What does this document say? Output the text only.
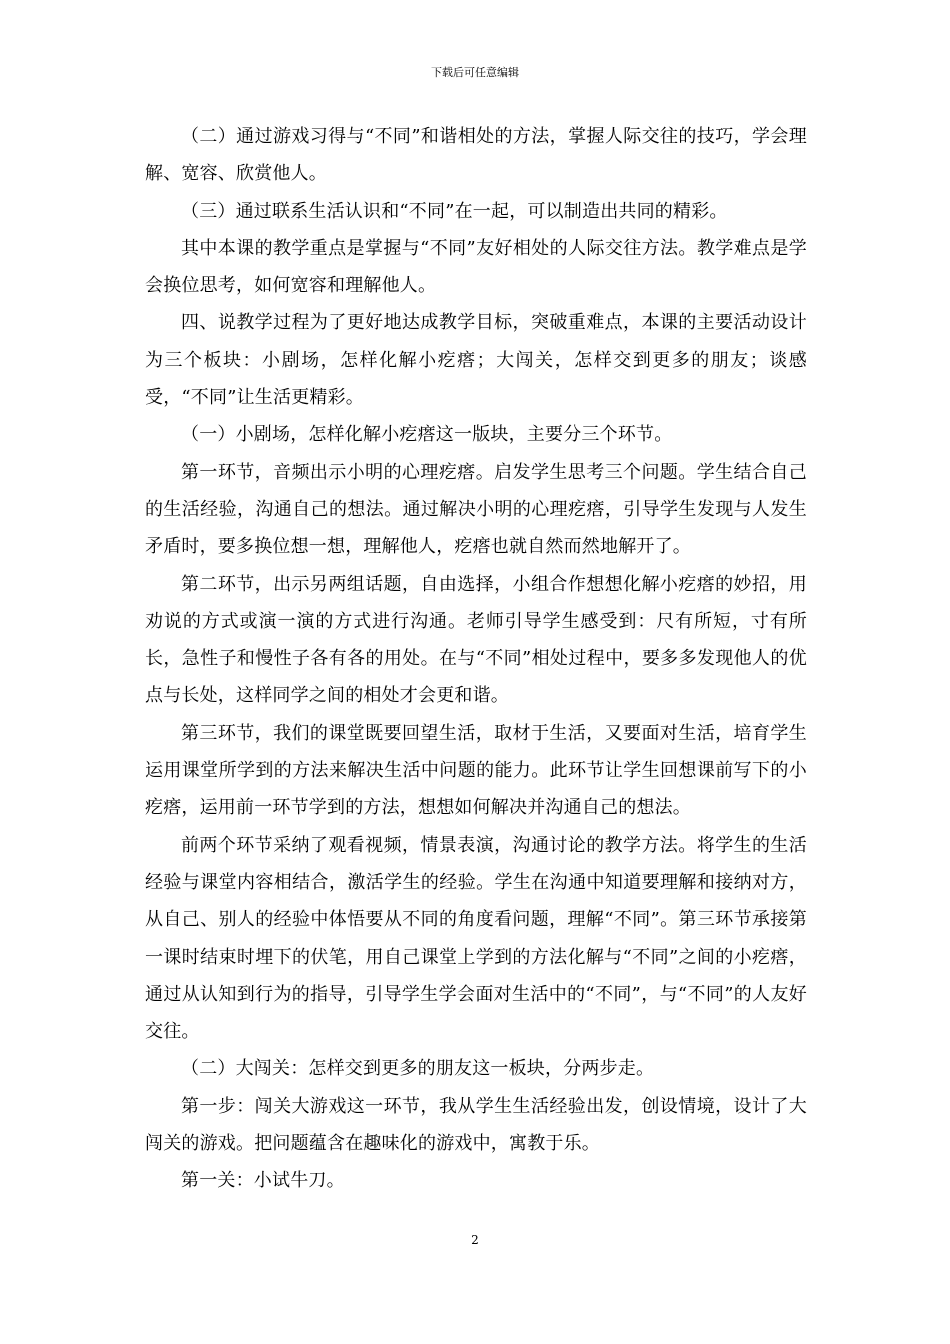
下载后可任意编辑

（二）通过游戏习得与“不同”和谐相处的方法，掌握人际交往的技巧，学会理解、宽容、欣赏他人。

（三）通过联系生活认识和“不同”在一起，可以制造出共同的精彩。

其中本课的教学重点是掌握与“不同”友好相处的人际交往方法。教学难点是学会换位思考，如何宽容和理解他人。

四、说教学过程为了更好地达成教学目标，突破重难点，本课的主要活动设计为三个板块：小剧场，怎样化解小疙瘩；大闯关，怎样交到更多的朋友；谈感受，“不同”让生活更精彩。

（一）小剧场，怎样化解小疙瘩这一版块，主要分三个环节。

第一环节，音频出示小明的心理疙瘩。启发学生思考三个问题。学生结合自己的生活经验，沟通自己的想法。通过解决小明的心理疙瘩，引导学生发现与人发生矛盾时，要多换位想一想，理解他人，疙瘩也就自然而然地解开了。

第二环节，出示另两组话题，自由选择，小组合作想想化解小疙瘩的妙招，用劝说的方式或演一演的方式进行沟通。老师引导学生感受到：尺有所短，寸有所长，急性子和慢性子各有各的用处。在与“不同”相处过程中，要多多发现他人的优点与长处，这样同学之间的相处才会更和谐。

第三环节，我们的课堂既要回望生活，取材于生活，又要面对生活，培育学生运用课堂所学到的方法来解决生活中问题的能力。此环节让学生回想课前写下的小疙瘩，运用前一环节学到的方法，想想如何解决并沟通自己的想法。

前两个环节采纳了观看视频，情景表演，沟通讨论的教学方法。将学生的生活经验与课堂内容相结合，激活学生的经验。学生在沟通中知道要理解和接纳对方，从自己、别人的经验中体悟要从不同的角度看问题，理解“不同”。第三环节承接第一课时结束时埋下的伏笔，用自己课堂上学到的方法化解与“不同”之间的小疙瘩，通过从认知到行为的指导，引导学生学会面对生活中的“不同”，与“不同”的人友好交往。

（二）大闯关：怎样交到更多的朋友这一板块，分两步走。

第一步：闯关大游戏这一环节，我从学生生活经验出发，创设情境，设计了大闯关的游戏。把问题蕴含在趣味化的游戏中，寓教于乐。

第一关：小试牛刀。

2
